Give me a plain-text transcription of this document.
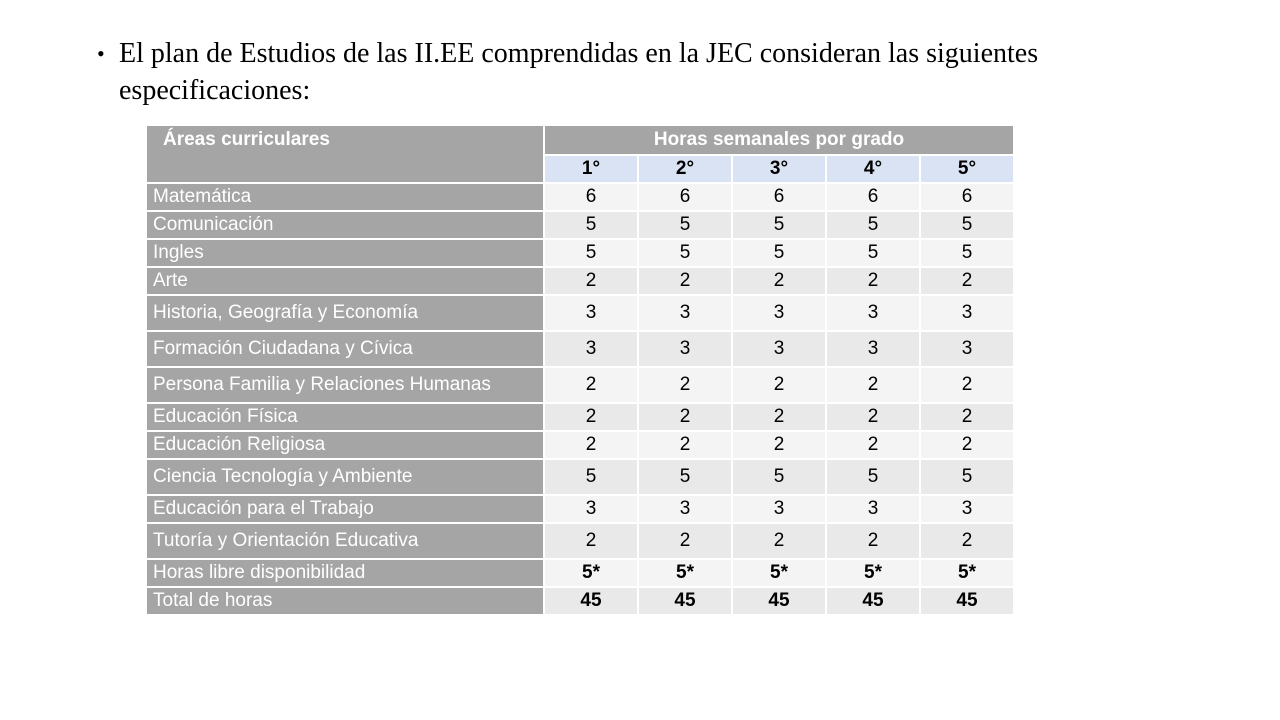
• El plan de Estudios de las II.EE comprendidas en la JEC consideran las siguientes especificaciones:
Áreas curriculares	Horas semanales por grado				
	1°	2°	3°	4°	5°
Matemática	6	6	6	6	6
Comunicación	5	5	5	5	5
Ingles	5	5	5	5	5
Arte	2	2	2	2	2
Historia, Geografía y Economía	3	3	3	3	3
Formación Ciudadana y Cívica	3	3	3	3	3
Persona Familia y Relaciones Humanas	2	2	2	2	2
Educación Física	2	2	2	2	2
Educación Religiosa	2	2	2	2	2
Ciencia Tecnología y Ambiente	5	5	5	5	5
Educación para el Trabajo	3	3	3	3	3
Tutoría y Orientación Educativa	2	2	2	2	2
Horas libre disponibilidad	5*	5*	5*	5*	5*
Total de horas	45	45	45	45	45
